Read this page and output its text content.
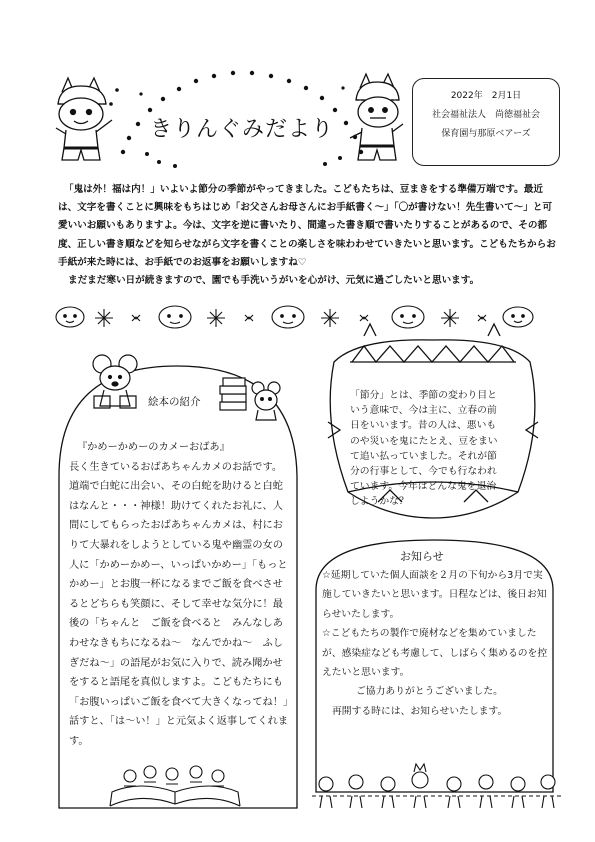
きりんぐみだより
2022年　2月1日
社会福祉法人　尚徳福祉会
保育園与那原ベアーズ

「鬼は外！福は内！」いよいよ節分の季節がやってきました。こどもたちは、豆まきをする準備万端です。最近は、文字を書くことに興味をもちはじめ「お父さんお母さんにお手紙書く～」「〇が書けない！先生書いて～」と可愛いいお願いもありますよ。今は、文字を逆に書いたり、間違った書き順で書いたりすることがあるので、その都度、正しい書き順などを知らせながら文字を書くことの楽しさを味わわせていきたいと思います。こどもたちからお手紙が来た時には、お手紙でのお返事をお願いしますね♡

まだまだ寒い日が続きますので、園でも手洗いうがいを心がけ、元気に過ごしたいと思います。

絵本の紹介

『かめーかめーのカメーおばあ』

長く生きているおばあちゃんカメのお話です。道端で白蛇に出会い、その白蛇を助けると白蛇はなんと・・・神様！助けてくれたお礼に、人間にしてもらったおばあちゃんカメは、村におりて大暴れをしようとしている鬼や幽霊の女の人に「かめーかめー、いっぱいかめー」「もっと　かめー」とお腹一杯になるまでご飯を食べさせるとどちらも笑顔に、そして幸せな気分に！最後の「ちゃんと　ご飯を食べると　みんなしあわせなきもちになるね～　なんでかね～　ふしぎだね～」の語尾がお気に入りで、読み聞かせをすると語尾を真似しますよ。こどもたちにも「お腹いっぱいご飯を食べて大きくなってね！」話すと、「は～い！」と元気よく返事してくれます。

「節分」とは、季節の変わり目という意味で、今は主に、立春の前日をいいます。昔の人は、悪いものや災いを鬼にたとえ、豆をまいて追い払っていました。それが節分の行事として、今でも行なわれています。今年はどんな鬼を退治しようかな？
お知らせ

☆延期していた個人面談を２月の下旬から3月で実施していきたいと思います。日程などは、後日お知らせいたします。

☆こどもたちの製作で廃材などを集めていましたが、感染症なども考慮して、しばらく集めるのを控えたいと思います。

ご協力ありがとうございました。

再開する時には、お知らせいたします。
